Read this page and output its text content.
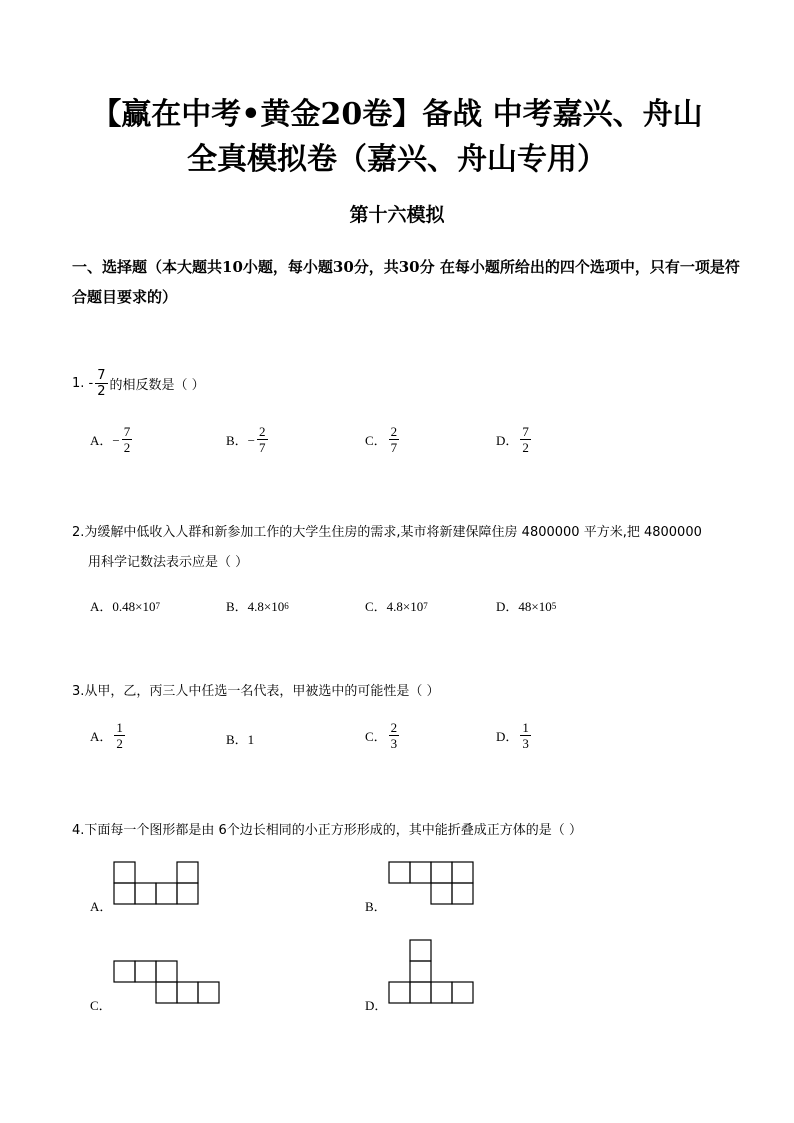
【赢在中考•黄金20卷】备战 中考嘉兴、舟山
全真模拟卷（嘉兴、舟山专用）
第十六模拟
一、选择题（本大题共10小题，每小题30分，共30分 在每小题所给出的四个选项中，只有一项是符合题目要求的）
1. - $\frac{7}{2}$ 的相反数是（ ）
A．− $\frac{7}{2}$	B．− $\frac{2}{7}$	C． $\frac{2}{7}$	D． $\frac{7}{2}$
2.为缓解中低收入人群和新参加工作的大学生住房的需求,某市将新建保障住房 4800000 平方米,把 4800000
用科学记数法表示应是（ ）
A．0.48×10 7	B．4.8×10 6	C．4.8×10 7	D．48×10 5
3.从甲，乙，丙三人中任选一名代表，甲被选中的可能性是（ ）
A． $\frac{1}{2}$	B．1	C． $\frac{2}{3}$	D． $\frac{1}{3}$
4.下面每一个图形都是由 6个边长相同的小正方形形成的，其中能折叠成正方体的是（ ）
A．	B．
C．	D．
